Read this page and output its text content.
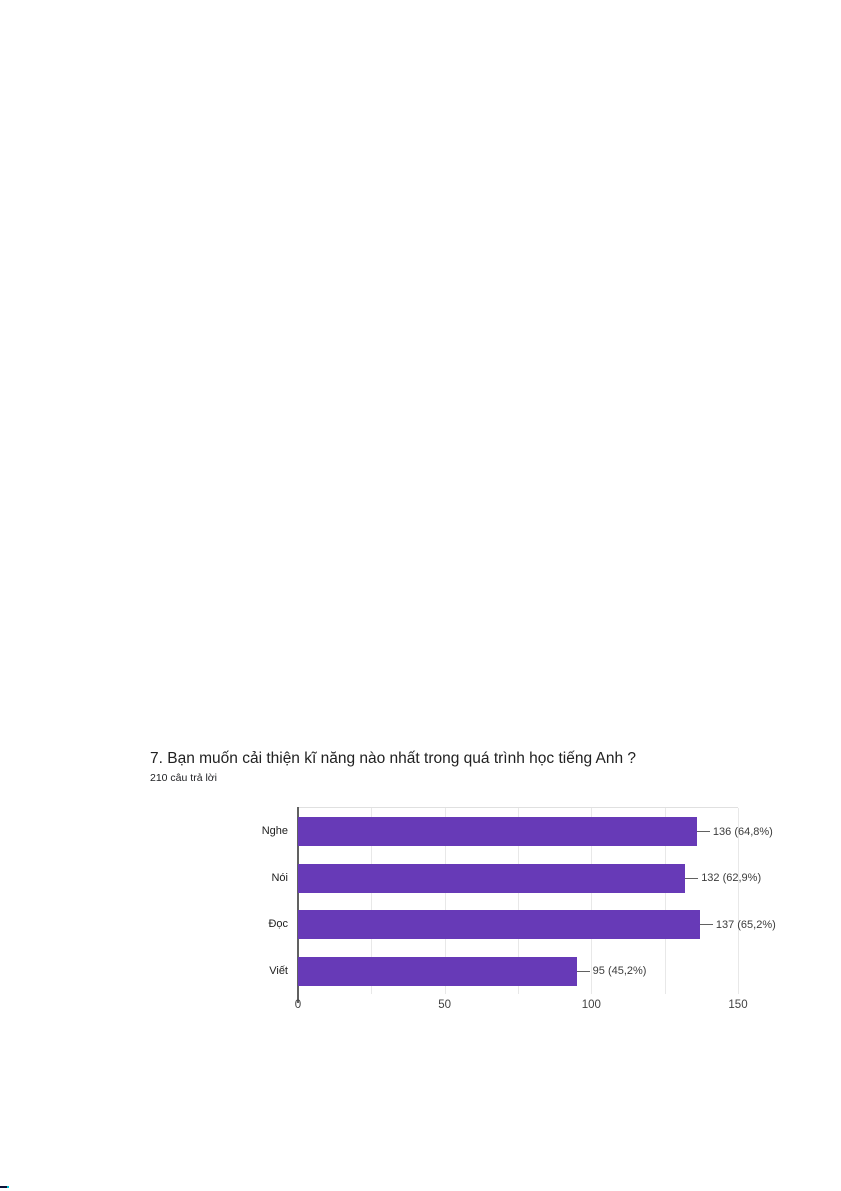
7. Bạn muốn cải thiện kĩ năng nào nhất trong quá trình học tiếng Anh ?
210 câu trả lời
Nghe	136 (64,8%)
Nói	132 (62,9%)
Đọc	137 (65,2%)
Viết	95 (45,2%)
0	50	100	150
